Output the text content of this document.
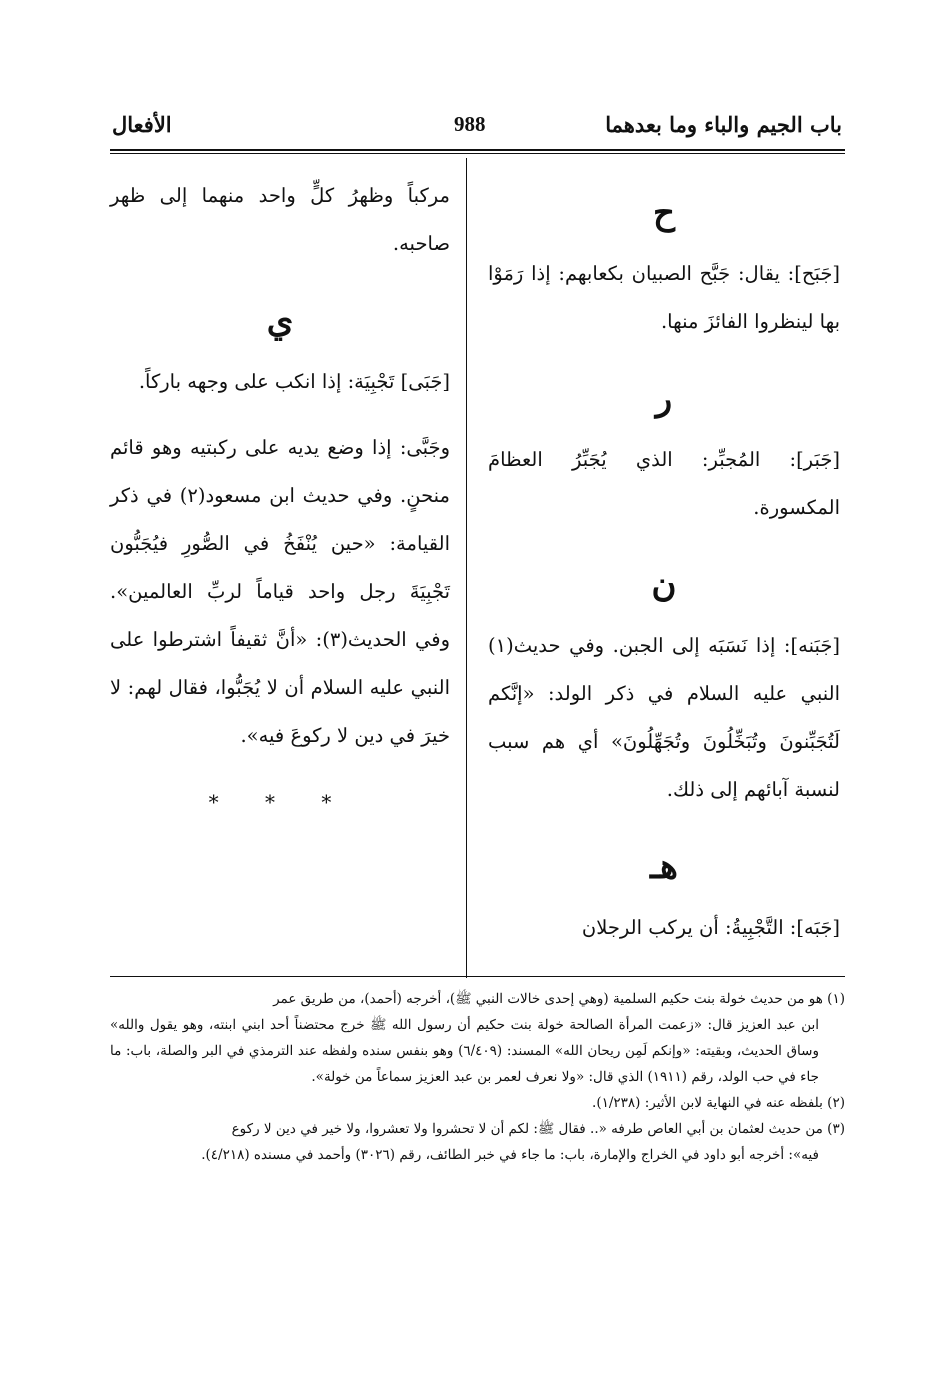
باب الجيم والباء وما بعدهما
988
الأفعال
ح
[جَبَح]: يقال: جَبَّح الصبيان بكعابهم: إذا رَمَوْا بها لينظروا الفائزَ منها.
ر
[جَبَر]: المُجبِّر: الذي يُجَبِّرُ العظامَ المكسورة.
ن
[جَبَنه]: إذا نَسَبَه إلى الجبن. وفي حديث(١) النبي عليه السلام في ذكر الولد: «إنَّكم لَتُجَبِّنونَ وتُبَخِّلُونَ وتُجَهِّلُونَ» أي هم سبب لنسبة آبائهم إلى ذلك.
هـ
[جَبَه]: التَّجْبِيةُ: أن يركب الرجلان
مركباً وظهرُ كلٍّ واحد منهما إلى ظهر صاحبه.
ي
[جَبَى] تَجْبِيَة: إذا انكب على وجهه باركاً.
وجَبَّى: إذا وضع يديه على ركبتيه وهو قائم منحنٍ. وفي حديث ابن مسعود(٢) في ذكر القيامة: «حين يُنْفَخُ في الصُّورِ فيُجَبُّون تَجْبِيَةَ رجل واحد قياماً لربِّ العالمين». وفي الحديث(٣): «أنَّ ثقيفاً اشترطوا على النبي عليه السلام أن لا يُجَبُّوا، فقال لهم: لا خيرَ في دين لا ركوعَ فيه».
* * *

(١) هو من حديث خولة بنت حكيم السلمية (وهي إحدى خالات النبي ﷺ)، أخرجه (أحمد)، من طريق عمر

ابن عبد العزيز قال: «زعمت المرأة الصالحة خولة بنت حكيم أن رسول الله ﷺ خرج محتضناً أحد ابني ابنته، وهو يقول والله» وساق الحديث، وبقيته: «وإنكم لَمِن ريحان الله» المسند: (٦/٤٠٩) وهو بنفس سنده ولفظه عند الترمذي في البر والصلة، باب: ما جاء في حب الولد، رقم (١٩١١) الذي قال: «ولا نعرف لعمر بن عبد العزيز سماعاً من خولة».

(٢) بلفظه عنه في النهاية لابن الأثير: (١/٢٣٨).

(٣) من حديث لعثمان بن أبي العاص طرفه «.. فقال ﷺ: لكم أن لا تحشروا ولا تعشروا، ولا خير في دين لا ركوع

فيه»: أخرجه أبو داود في الخراج والإمارة، باب: ما جاء في خبر الطائف، رقم (٣٠٢٦) وأحمد في مسنده (٤/٢١٨).
